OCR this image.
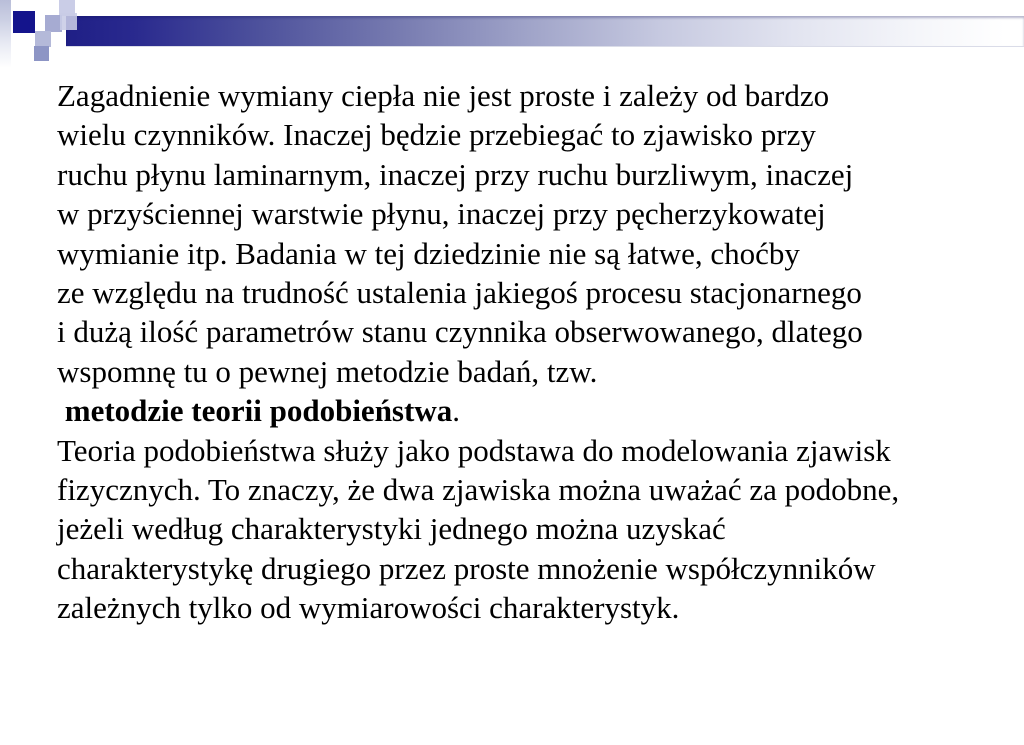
Zagadnienie wymiany ciepła nie jest proste i zależy od bardzo
wielu czynników. Inaczej będzie przebiegać to zjawisko przy
ruchu płynu laminarnym, inaczej przy ruchu burzliwym, inaczej
w przyściennej warstwie płynu, inaczej przy pęcherzykowatej
wymianie itp. Badania w tej dziedzinie nie są łatwe, choćby
ze względu na trudność ustalenia jakiegoś procesu stacjonarnego
i dużą ilość parametrów stanu czynnika obserwowanego, dlatego
wspomnę tu o pewnej metodzie badań, tzw.
metodzie teorii podobieństwa.
Teoria podobieństwa służy jako podstawa do modelowania zjawisk
fizycznych. To znaczy, że dwa zjawiska można uważać za podobne,
jeżeli według charakterystyki jednego można uzyskać
charakterystykę drugiego przez proste mnożenie współczynników
zależnych tylko od wymiarowości charakterystyk.
